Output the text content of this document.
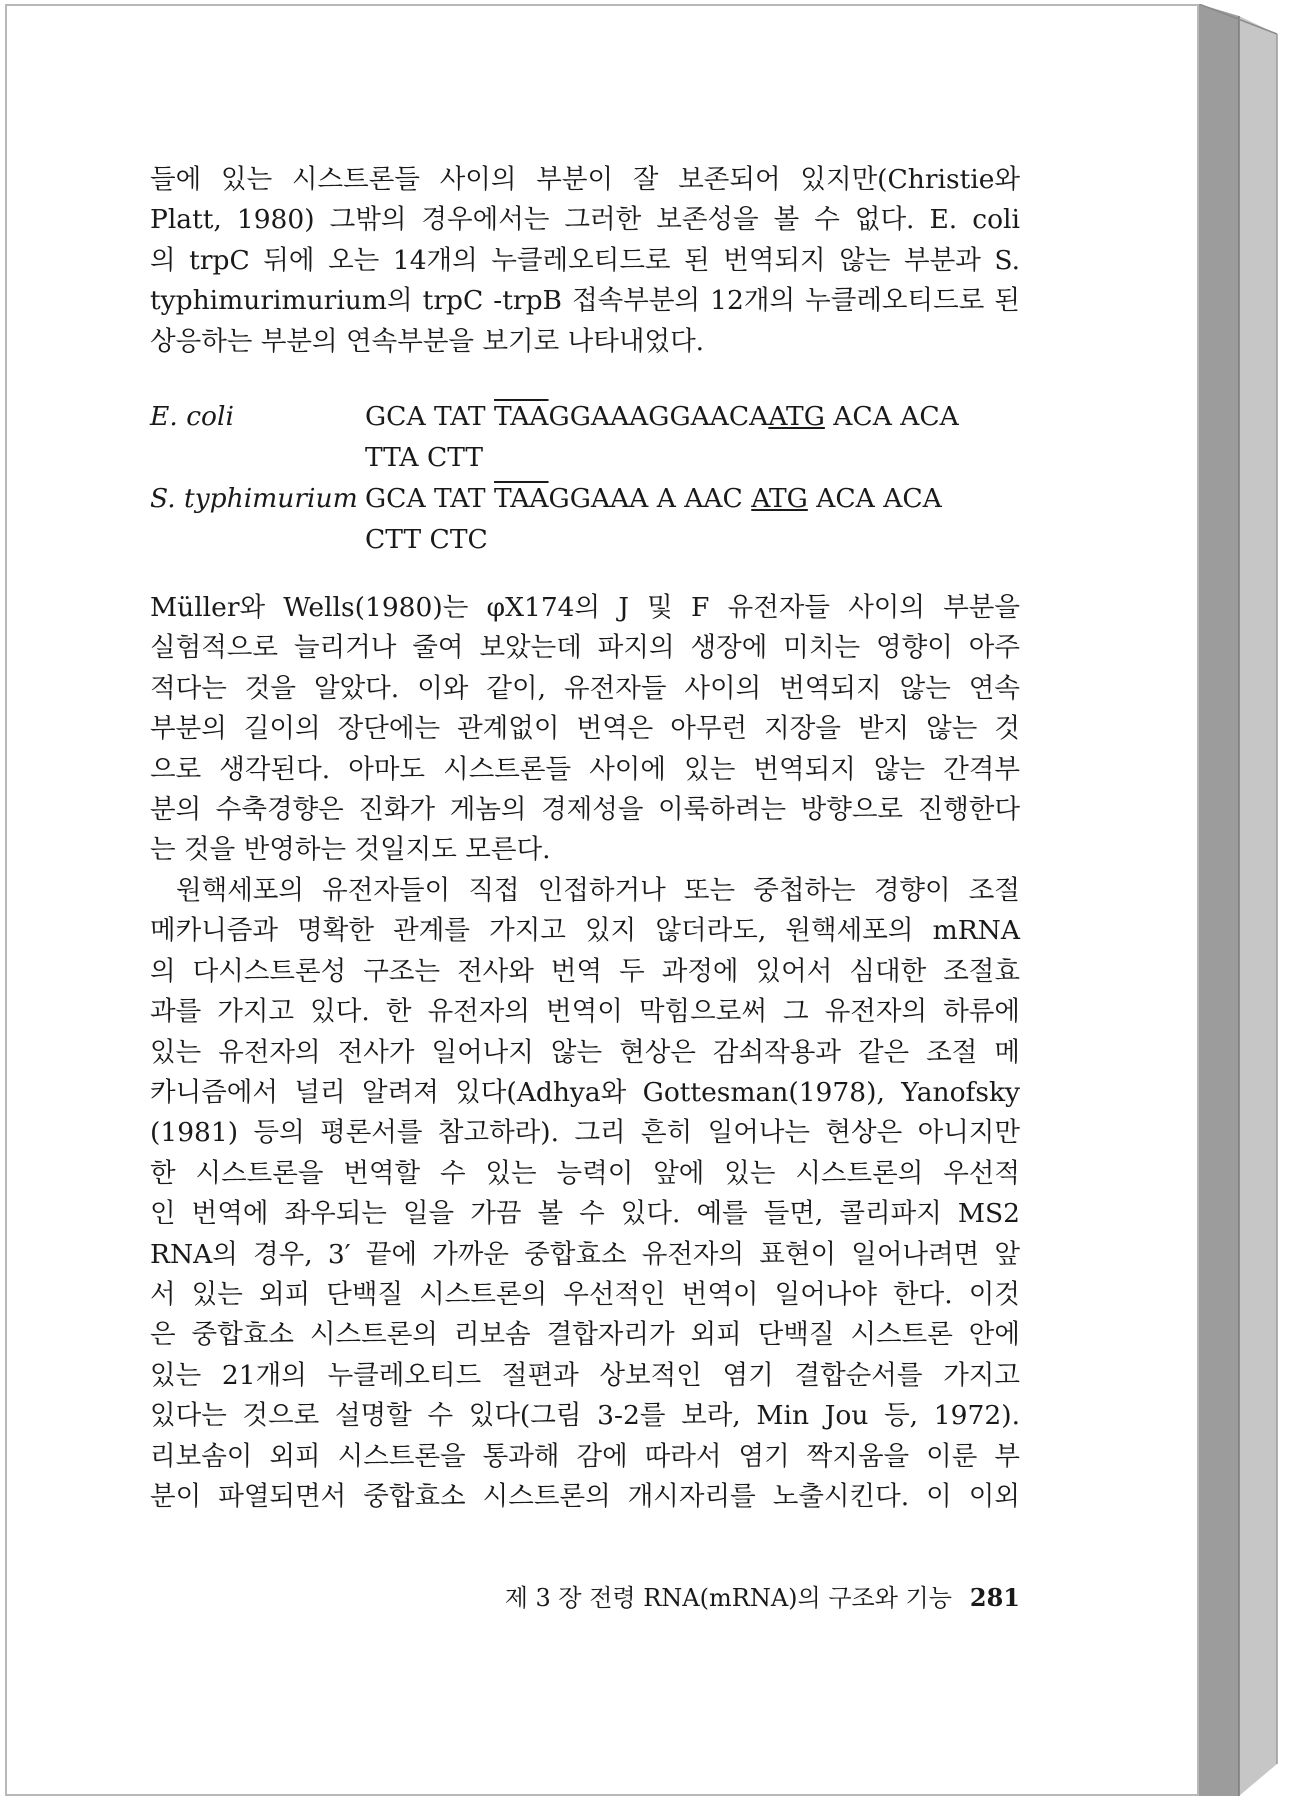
들에 있는 시스트론들 사이의 부분이 잘 보존되어 있지만(Christie와
Platt, 1980) 그밖의 경우에서는 그러한 보존성을 볼 수 없다. E. coli
의 trpC 뒤에 오는 14개의 누클레오티드로 된 번역되지 않는 부분과 S.
typhimurimurium의 trpC -trpB 접속부분의 12개의 누클레오티드로 된
상응하는 부분의 연속부분을 보기로 나타내었다.

E. coli	GCA TAT $\overline{TAA}GGAAAGGAACAATG$ ACA ACA
TTA CTT
S. typhimurium GCA TAT $\overline{TAA}GGAAA$ A AAC ATG ACA ACA
CTT CTC

Müller와 Wells(1980)는 φX174의 J 및 F 유전자들 사이의 부분을
실험적으로 늘리거나 줄여 보았는데 파지의 생장에 미치는 영향이 아주
적다는 것을 알았다. 이와 같이, 유전자들 사이의 번역되지 않는 연속
부분의 길이의 장단에는 관계없이 번역은 아무런 지장을 받지 않는 것
으로 생각된다. 아마도 시스트론들 사이에 있는 번역되지 않는 간격부
분의 수축경향은 진화가 게놈의 경제성을 이룩하려는 방향으로 진행한다
는 것을 반영하는 것일지도 모른다.

원핵세포의 유전자들이 직접 인접하거나 또는 중첩하는 경향이 조절
메카니즘과 명확한 관계를 가지고 있지 않더라도, 원핵세포의 mRNA
의 다시스트론성 구조는 전사와 번역 두 과정에 있어서 심대한 조절효
과를 가지고 있다. 한 유전자의 번역이 막힘으로써 그 유전자의 하류에
있는 유전자의 전사가 일어나지 않는 현상은 감쇠작용과 같은 조절 메
카니즘에서 널리 알려져 있다(Adhya와 Gottesman(1978), Yanofsky
(1981) 등의 평론서를 참고하라). 그리 흔히 일어나는 현상은 아니지만
한 시스트론을 번역할 수 있는 능력이 앞에 있는 시스트론의 우선적
인 번역에 좌우되는 일을 가끔 볼 수 있다. 예를 들면, 콜리파지 MS2
RNA의 경우, 3′ 끝에 가까운 중합효소 유전자의 표현이 일어나려면 앞
서 있는 외피 단백질 시스트론의 우선적인 번역이 일어나야 한다. 이것
은 중합효소 시스트론의 리보솜 결합자리가 외피 단백질 시스트론 안에
있는 21개의 누클레오티드 절편과 상보적인 염기 결합순서를 가지고
있다는 것으로 설명할 수 있다(그림 3-2를 보라, Min Jou 등, 1972).
리보솜이 외피 시스트론을 통과해 감에 따라서 염기 짝지움을 이룬 부
분이 파열되면서 중합효소 시스트론의 개시자리를 노출시킨다. 이 이외

제 3 장 전령 RNA(mRNA)의 구조와 기능 281
